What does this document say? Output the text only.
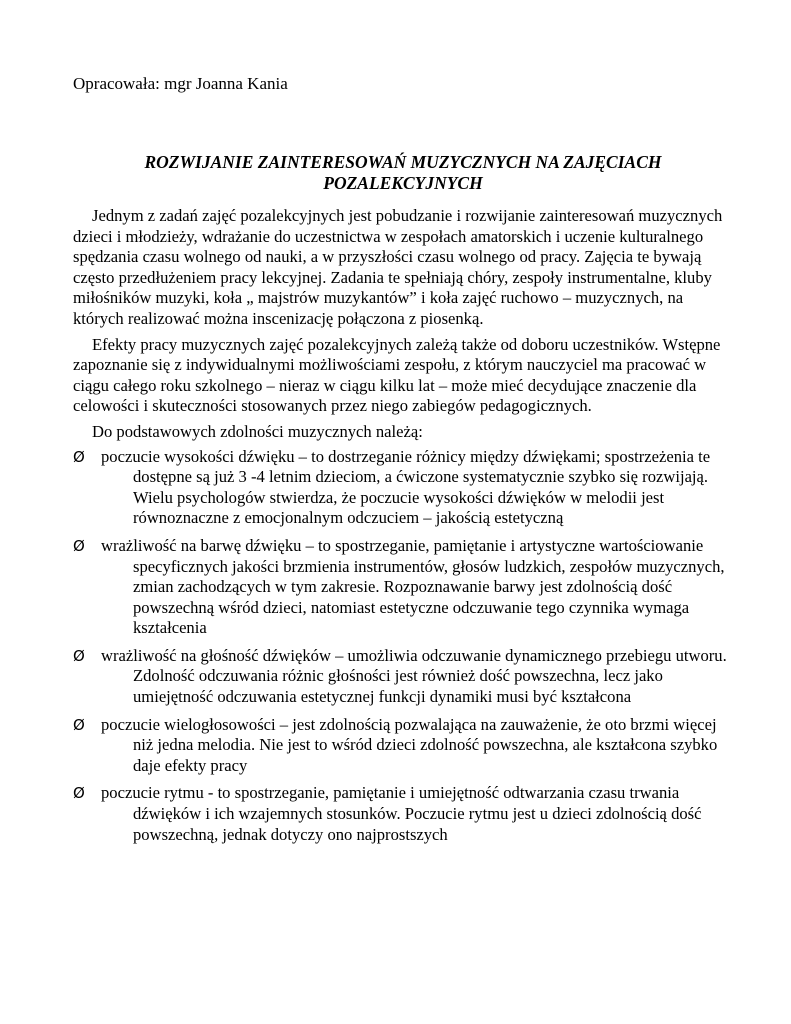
Opracowała: mgr Joanna Kania
ROZWIJANIE ZAINTERESOWAŃ MUZYCZNYCH NA ZAJĘCIACH
POZALEKCYJNYCH

Jednym z zadań zajęć pozalekcyjnych jest pobudzanie i rozwijanie zainteresowań muzycznych dzieci i młodzieży, wdrażanie do uczestnictwa w zespołach amatorskich i uczenie kulturalnego spędzania czasu wolnego od nauki, a w przyszłości czasu wolnego od pracy. Zajęcia te bywają często przedłużeniem pracy lekcyjnej. Zadania te spełniają chóry, zespoły instrumentalne, kluby miłośników muzyki, koła „ majstrów muzykantów” i koła zajęć ruchowo – muzycznych, na których realizować można inscenizację połączona z piosenką.

Efekty pracy muzycznych zajęć pozalekcyjnych zależą także od doboru uczestników. Wstępne zapoznanie się z indywidualnymi możliwościami zespołu, z którym nauczyciel ma pracować w ciągu całego roku szkolnego – nieraz w ciągu kilku lat – może mieć decydujące znaczenie dla celowości i skuteczności stosowanych przez niego zabiegów pedagogicznych.

Do podstawowych zdolności muzycznych należą:

Ø poczucie wysokości dźwięku – to dostrzeganie różnicy między dźwiękami; spostrzeżenia te dostępne są już 3 -4 letnim dzieciom, a ćwiczone systematycznie szybko się rozwijają. Wielu psychologów stwierdza, że poczucie wysokości dźwięków w melodii jest równoznaczne z emocjonalnym odczuciem – jakością estetyczną
Ø wrażliwość na barwę dźwięku – to spostrzeganie, pamiętanie i artystyczne wartościowanie specyficznych jakości brzmienia instrumentów, głosów ludzkich, zespołów muzycznych, zmian zachodzących w tym zakresie. Rozpoznawanie barwy jest zdolnością dość powszechną wśród dzieci, natomiast estetyczne odczuwanie tego czynnika wymaga kształcenia
Ø wrażliwość na głośność dźwięków – umożliwia odczuwanie dynamicznego przebiegu utworu. Zdolność odczuwania różnic głośności jest również dość powszechna, lecz jako umiejętność odczuwania estetycznej funkcji dynamiki musi być kształcona
Ø poczucie wielogłosowości – jest zdolnością pozwalająca na zauważenie, że oto brzmi więcej niż jedna melodia. Nie jest to wśród dzieci zdolność powszechna, ale kształcona szybko daje efekty pracy
Ø poczucie rytmu - to spostrzeganie, pamiętanie i umiejętność odtwarzania czasu trwania dźwięków i ich wzajemnych stosunków. Poczucie rytmu jest u dzieci zdolnością dość powszechną, jednak dotyczy ono najprostszych
